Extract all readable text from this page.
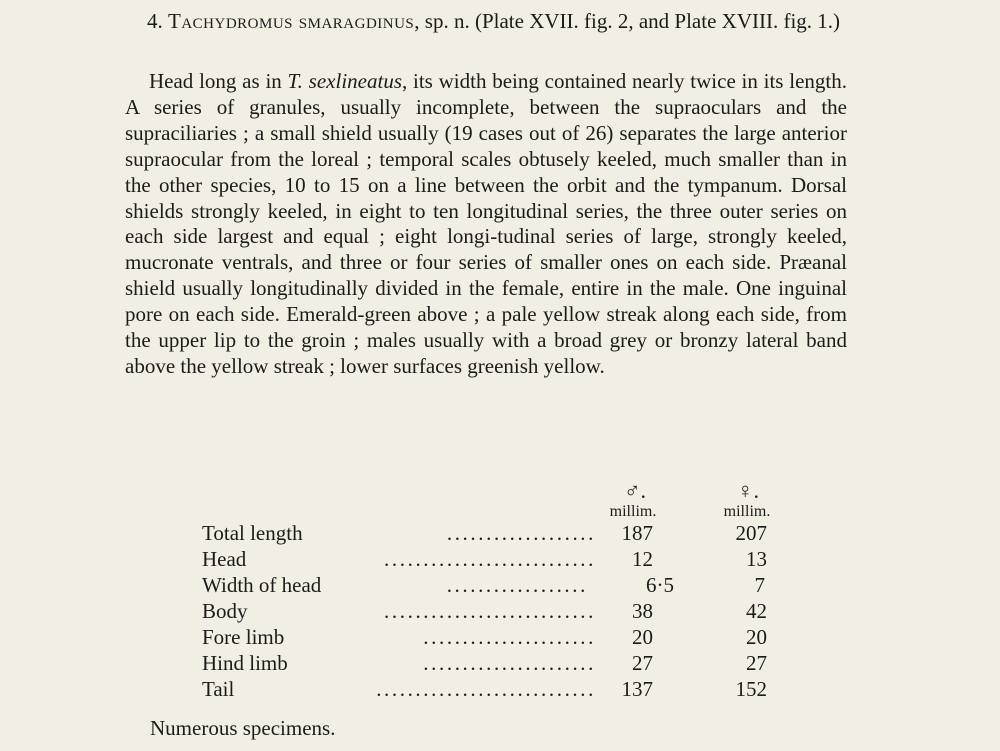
4. Tachydromus smaragdinus, sp. n. (Plate XVII. fig. 2, and Plate XVIII. fig. 1.)

Head long as in T. sexlineatus, its width being contained nearly twice in its length. A series of granules, usually incomplete, between the supraoculars and the supraciliaries ; a small shield usually (19 cases out of 26) separates the large anterior supraocular from the loreal ; temporal scales obtusely keeled, much smaller than in the other species, 10 to 15 on a line between the orbit and the tympanum. Dorsal shields strongly keeled, in eight to ten longitudinal series, the three outer series on each side largest and equal ; eight longi-tudinal series of large, strongly keeled, mucronate ventrals, and three or four series of smaller ones on each side. Præanal shield usually longitudinally divided in the female, entire in the male. One inguinal pore on each side. Emerald-green above ; a pale yellow streak along each side, from the upper lip to the groin ; males usually with a broad grey or bronzy lateral band above the yellow streak ; lower surfaces greenish yellow.

♂.	♀.
millim.	millim.
Total length	...................	187	207
Head	...........................	12	13
Width of head	..................	6·5	7
Body	...........................	38	42
Fore limb	......................	20	20
Hind limb	......................	27	27
Tail	............................	137	152
Numerous specimens.
